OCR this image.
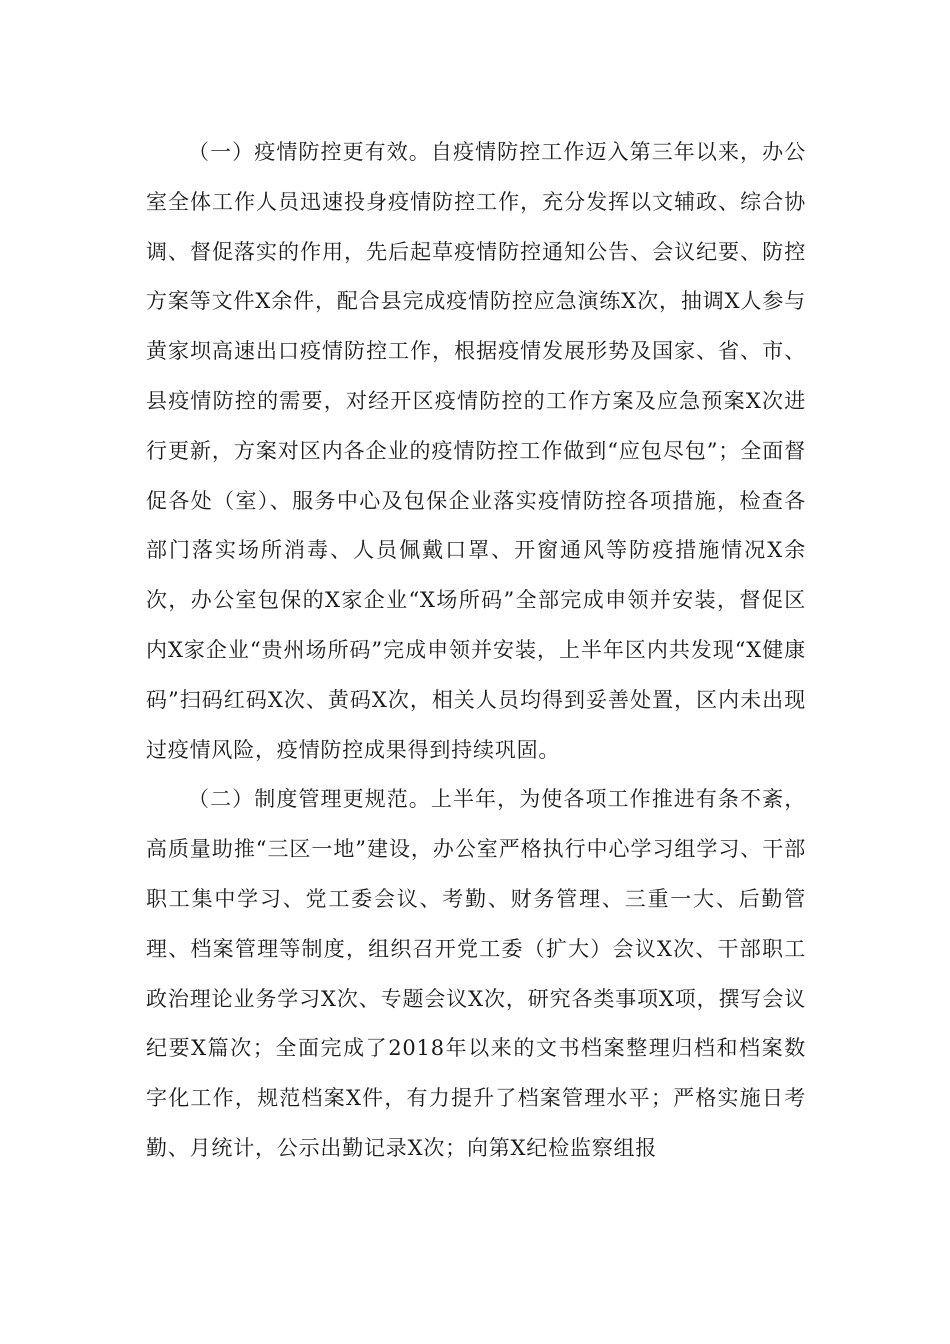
（一）疫情防控更有效。自疫情防控工作迈入第三年以来，办公室全体工作人员迅速投身疫情防控工作，充分发挥以文辅政、综合协调、督促落实的作用，先后起草疫情防控通知公告、会议纪要、防控方案等文件X余件，配合县完成疫情防控应急演练X次，抽调X人参与黄家坝高速出口疫情防控工作，根据疫情发展形势及国家、省、市、县疫情防控的需要，对经开区疫情防控的工作方案及应急预案X次进行更新，方案对区内各企业的疫情防控工作做到“应包尽包”；全面督促各处（室）、服务中心及包保企业落实疫情防控各项措施，检查各部门落实场所消毒、人员佩戴口罩、开窗通风等防疫措施情况X余次，办公室包保的X家企业“X场所码”全部完成申领并安装，督促区内X家企业“贵州场所码”完成申领并安装，上半年区内共发现“X健康码”扫码红码X次、黄码X次，相关人员均得到妥善处置，区内未出现过疫情风险，疫情防控成果得到持续巩固。

（二）制度管理更规范。上半年，为使各项工作推进有条不紊，高质量助推“三区一地”建设，办公室严格执行中心学习组学习、干部职工集中学习、党工委会议、考勤、财务管理、三重一大、后勤管理、档案管理等制度，组织召开党工委（扩大）会议X次、干部职工政治理论业务学习X次、专题会议X次，研究各类事项X项，撰写会议纪要X篇次；全面完成了2018年以来的文书档案整理归档和档案数字化工作，规范档案X件，有力提升了档案管理水平；严格实施日考勤、月统计，公示出勤记录X次；向第X纪检监察组报
